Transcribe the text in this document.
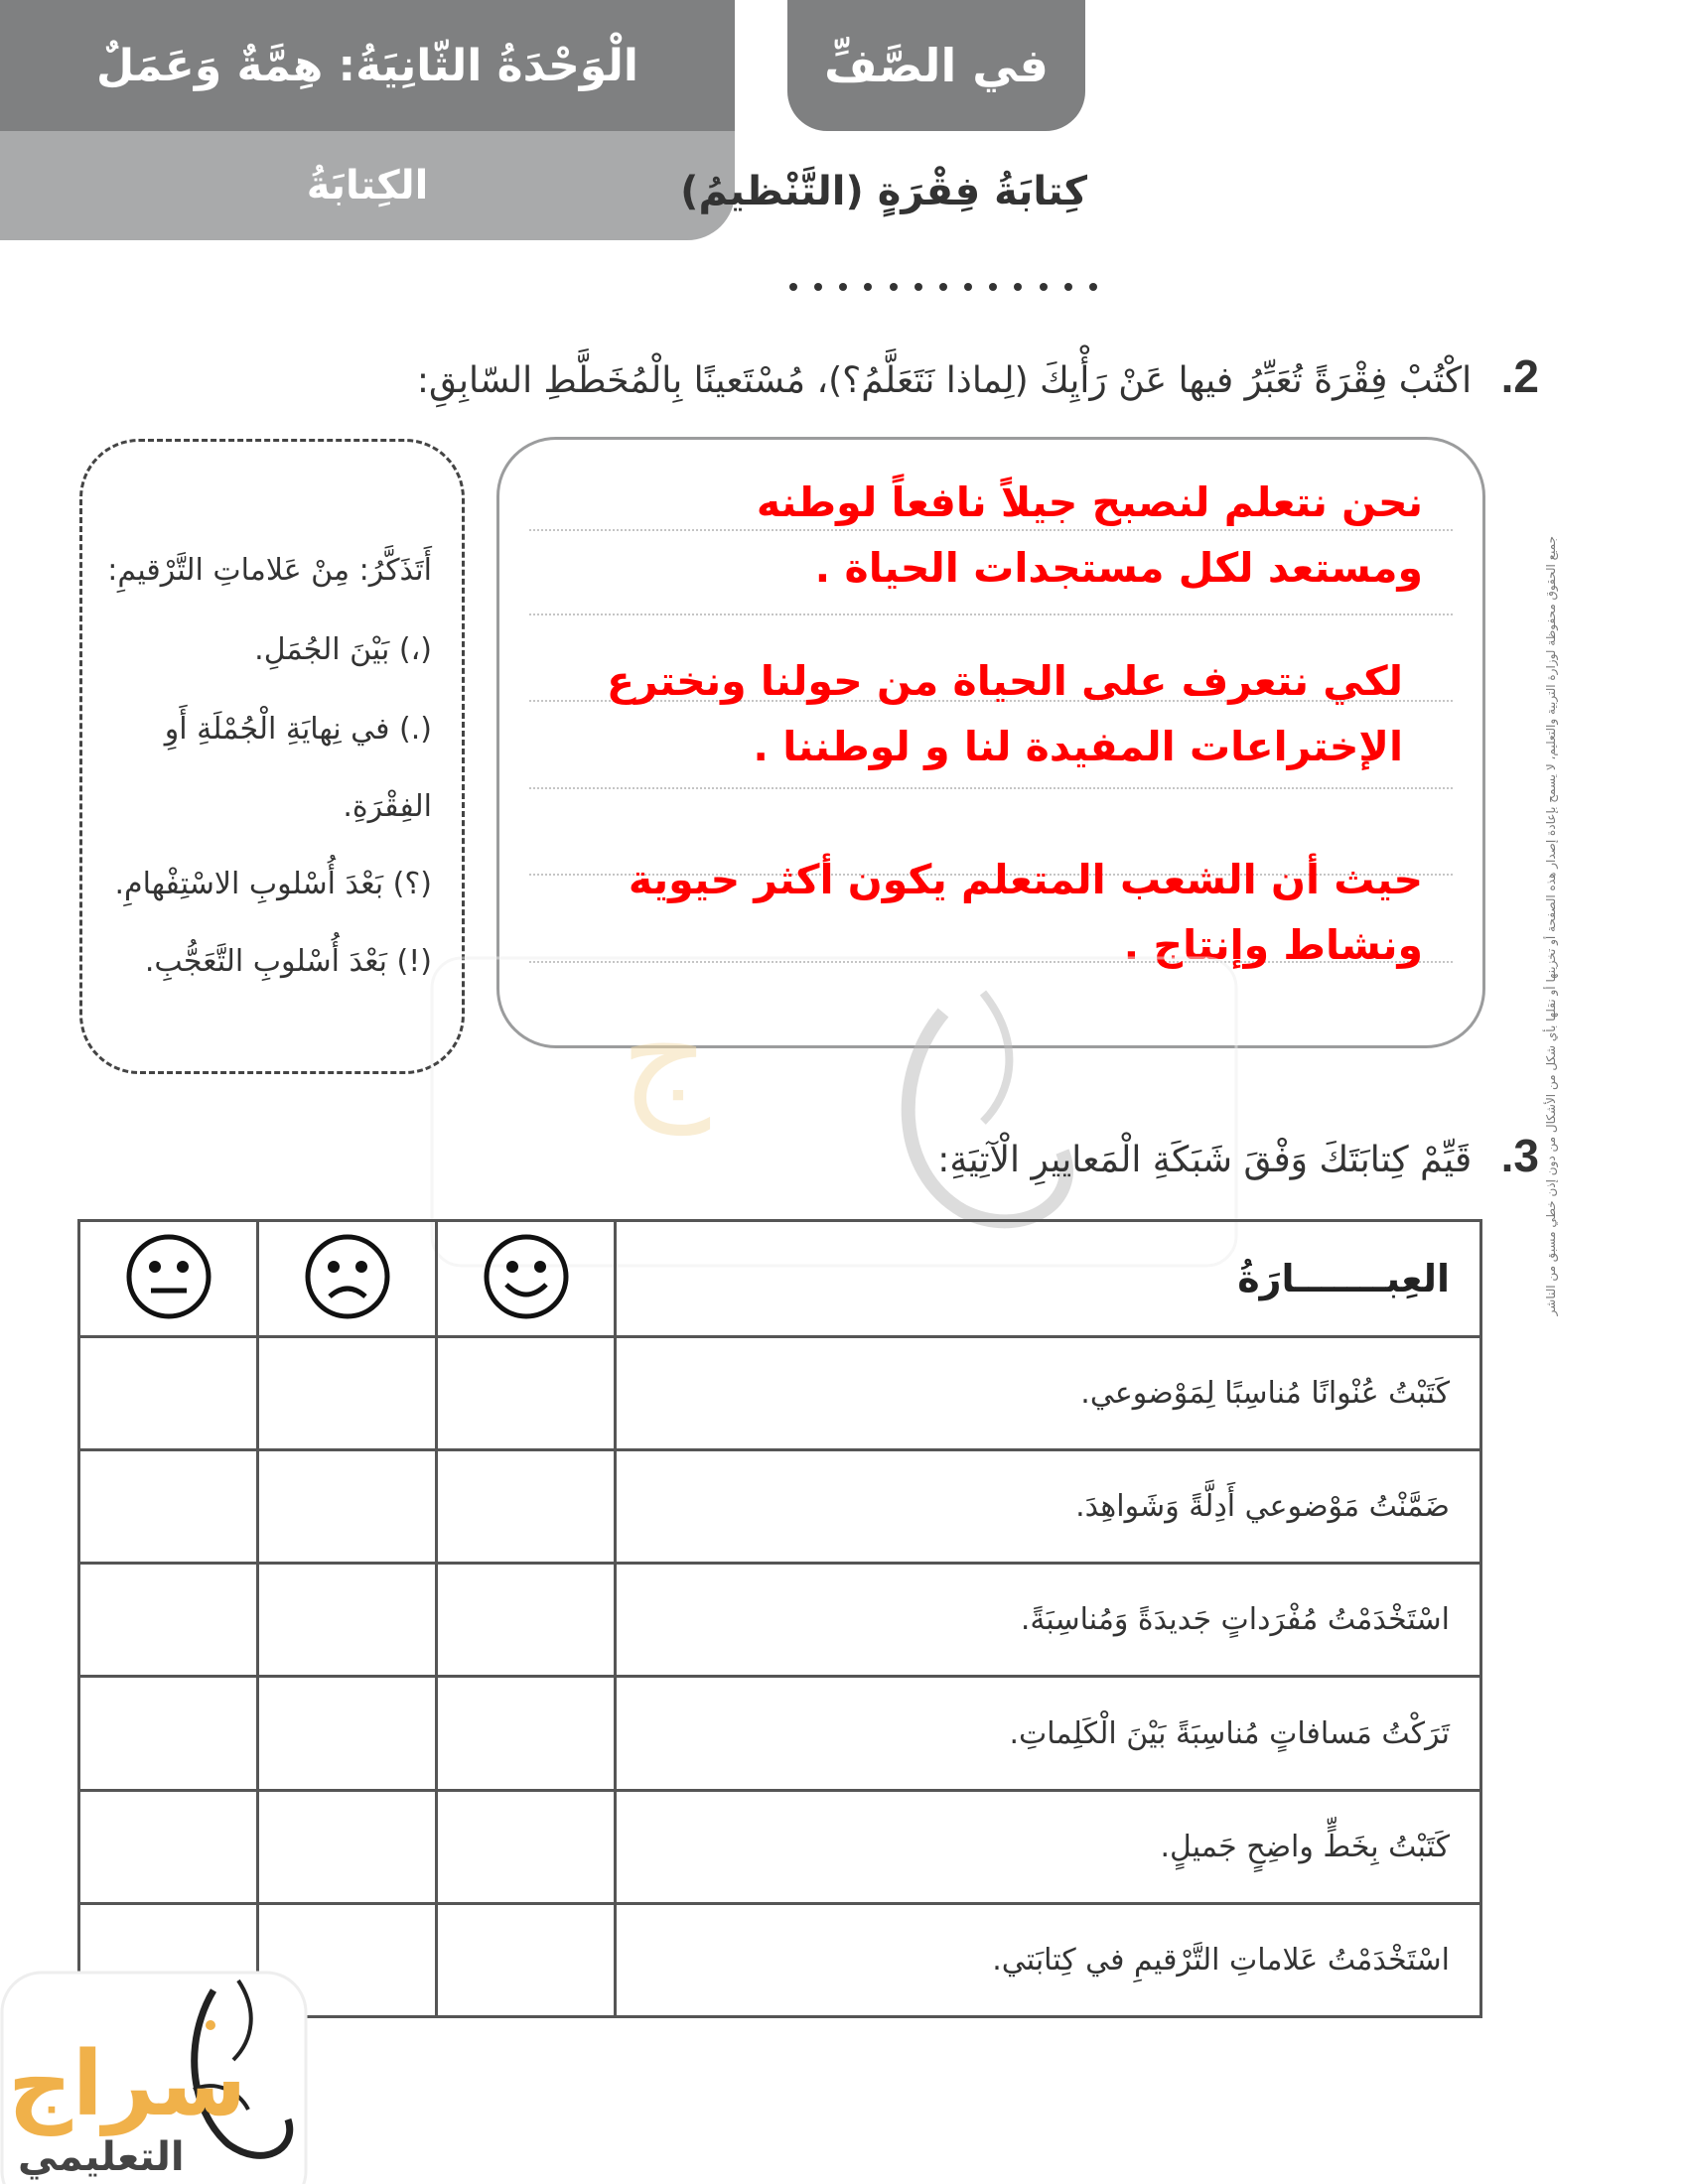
الْوَحْدَةُ الثّانِيَةُ: هِمَّةٌ وَعَمَلٌ
الكِتابَةُ
في الصَّفِّ
كِتابَةُ فِقْرَةٍ (التَّنْظيمُ)
2. اكْتُبْ فِقْرَةً تُعَبِّرُ فيها عَنْ رَأْيِكَ (لِماذا نَتَعَلَّمُ؟)، مُسْتَعينًا بِالْمُخَطَّطِ السّابِقِ:
نحن نتعلم لنصبح جيلاً نافعاً لوطنه
ومستعد لكل مستجدات الحياة .
لكي نتعرف على الحياة من حولنا ونخترع
الإختراعات المفيدة لنا و لوطننا .
حيث أن الشعب المتعلم يكون أكثر حيوية
ونشاط وإنتاج .
أَتَذَكَّرُ: مِنْ عَلاماتِ التَّرْقيمِ:
(،) بَيْنَ الجُمَلِ.
(.) في نِهايَةِ الْجُمْلَةِ أَوِ
الفِقْرَةِ.
(؟) بَعْدَ أُسْلوبِ الاسْتِفْهامِ.
(!) بَعْدَ أُسْلوبِ التَّعَجُّبِ.
ﺝ
3. قَيِّمْ كِتابَتَكَ وَفْقَ شَبَكَةِ الْمَعاييرِ الْآتِيَةِ:
العِبـــــــارَةُ			
كَتَبْتُ عُنْوانًا مُناسِبًا لِمَوْضوعي.			
ضَمَّنْتُ مَوْضوعي أَدِلَّةً وَشَواهِدَ.			
اسْتَخْدَمْتُ مُفْرَداتٍ جَديدَةً وَمُناسِبَةً.			
تَرَكْتُ مَسافاتٍ مُناسِبَةً بَيْنَ الْكَلِماتِ.			
كَتَبْتُ بِخَطٍّ واضِحٍ جَميلٍ.			
اسْتَخْدَمْتُ عَلاماتِ التَّرْقيمِ في كِتابَتي.			
جميع الحقوق محفوظة لوزارة التربية والتعليم، لا يسمح بإعادة إصدار هذه الصفحة أو تخزينها أو نقلها بأي شكل من الأشكال من دون إذن خطي مسبق من الناشر
سراج
التعليمي
